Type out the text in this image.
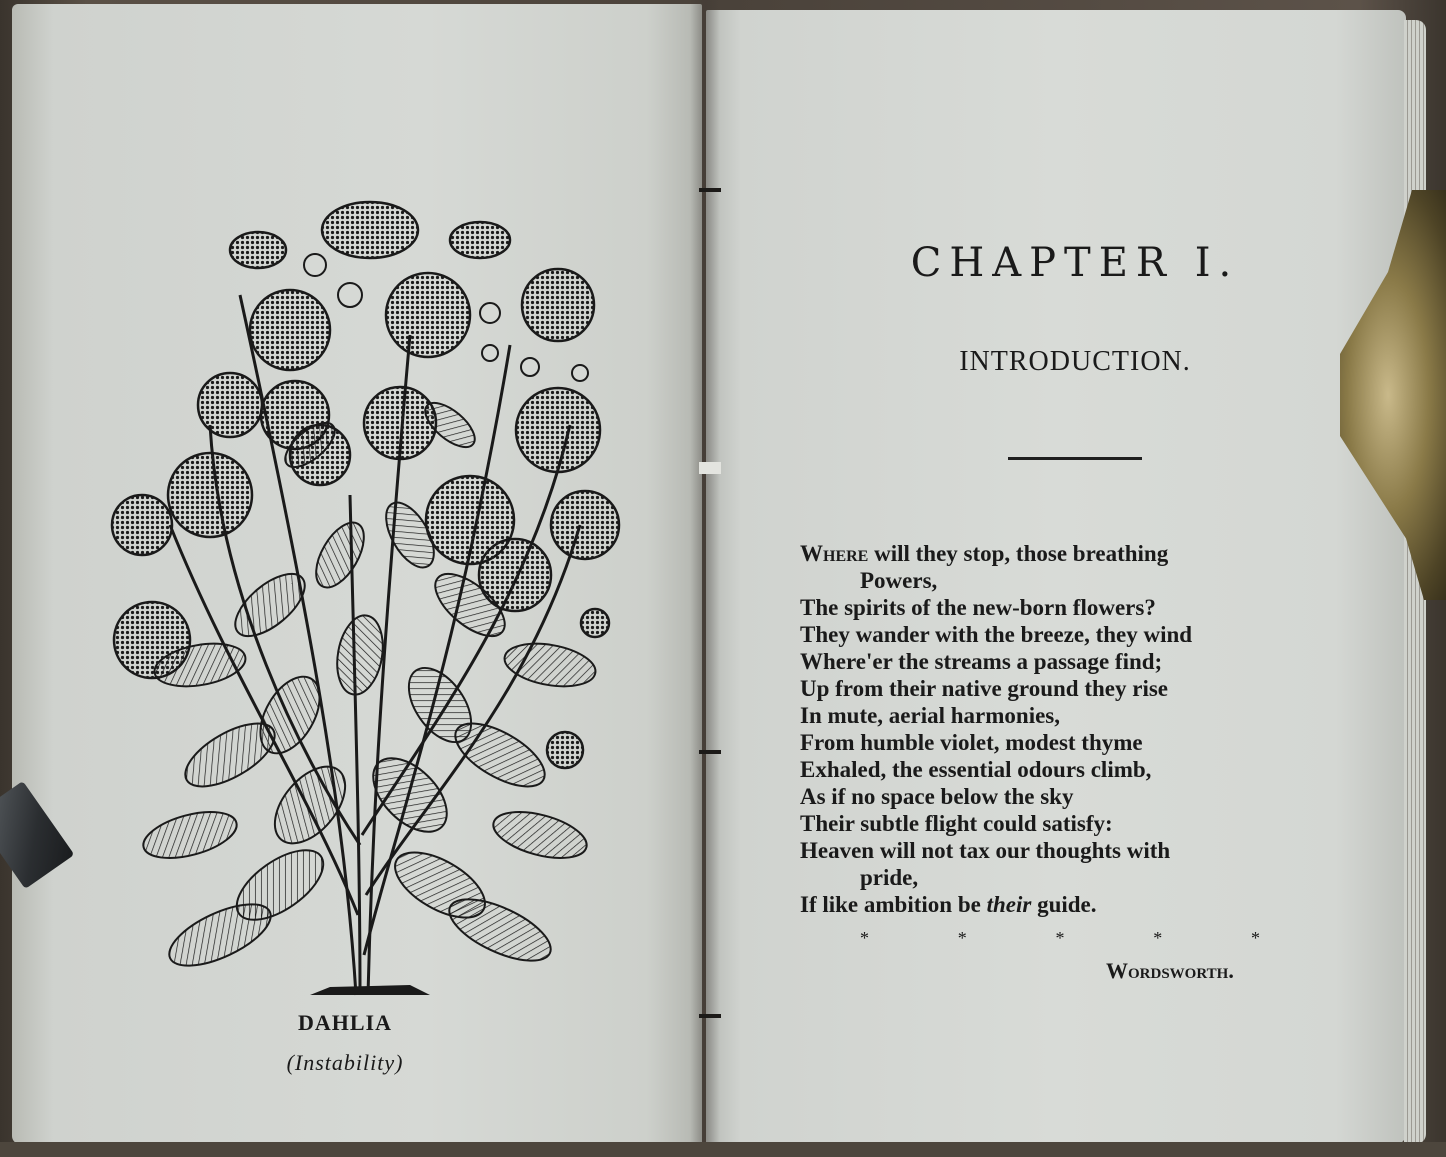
DAHLIA
(Instability)
CHAPTER I.
INTRODUCTION.
Where will they stop, those breathing
Powers,
The spirits of the new-born flowers?
They wander with the breeze, they wind
Where'er the streams a passage find;
Up from their native ground they rise
In mute, aerial harmonies,
From humble violet, modest thyme
Exhaled, the essential odours climb,
As if no space below the sky
Their subtle flight could satisfy:
Heaven will not tax our thoughts with
pride,
If like ambition be their guide.
*	*	*	*	*
Wordsworth.
